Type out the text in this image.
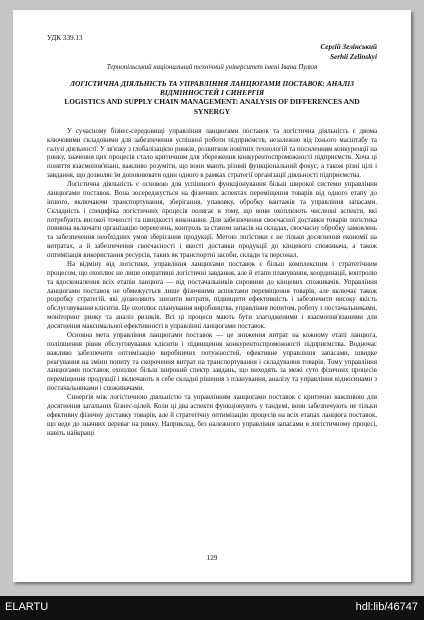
УДК 339.13
Сергій Зелінський
Serhii Zelinskyi
Тернопільський національний технічний університет імені Івана Пулюя
ЛОГІСТИЧНА ДІЯЛЬНІСТЬ ТА УПРАВЛІННЯ ЛАНЦЮГАМИ ПОСТАВОК: АНАЛІЗ ВІДМІННОСТЕЙ І СИНЕРГІЯ
LOGISTICS AND SUPPLY CHAIN MANAGEMENT: ANALYSIS OF DIFFERENCES AND SYNERGY

У сучасному бізнес-середовищі управління ланцюгами поставок та логістична діяльність є двома ключовими складовими для забезпечення успішної роботи підприємств, незалежно від їхнього масштабу та галузі діяльності. У зв'язку з глобалізацією ринків, розвитком новітніх технологій та посиленням конкуренції на ринку, значення цих процесів стало критичним для збереження конкурентоспроможності підприємств. Хоча ці поняття взаємопов'язані, важливо розуміти, що вони мають різний функціональний фокус, а також різні цілі і завдання, що дозволяє їм доповнювати один одного в рамках стратегії організації діяльності підприємства.

Логістична діяльність є основою для успішного функціонування більш широкої системи управління ланцюгами поставок. Вона зосереджується на фізичних аспектах переміщення товарів від одного етапу до іншого, включаючи транспортування, зберігання, упаковку, обробку вантажів та управління запасами. Складність і специфіка логістичних процесів полягає в тому, що вони охоплюють численні аспекти, які потребують високої точності та швидкості виконання. Для забезпечення своєчасної доставки товарів логістика повинна включати організацію перевезень, контроль за станом запасів на складах, своєчасну обробку замовлень та забезпечення необхідних умов зберігання продукції. Метою логістики є не тільки досягнення економії на витратах, а й забезпечення своєчасності і якості доставки продукції до кінцевого споживача, а також оптимізація використання ресурсів, таких як транспортні засоби, склади та персонал.

На відміну від логістики, управління ланцюгами поставок є більш комплексним і стратегічним процесом, що охоплює не лише оперативні логістичні завдання, але й етапи планування, координації, контролю та вдосконалення всіх етапів ланцюга — від постачальників сировини до кінцевих споживачів. Управління ланцюгами поставок не обмежується лише фізичними аспектами переміщення товарів, але включає також розробку стратегій, які дозволяють знизити витрати, підвищити ефективність і забезпечити високу якість обслуговування клієнтів. Це охоплює планування виробництва, управління попитом, роботу з постачальниками, моніторинг ринку та аналіз ризиків. Всі ці процеси мають бути злагодженими і взаємопов'язаними для досягнення максимальної ефективності в управлінні ланцюгами поставок.

Основна мета управління ланцюгами поставок — це зниження витрат на кожному етапі ланцюга, поліпшення рівня обслуговування клієнтів і підвищення конкурентоспроможності підприємства. Водночас важливо забезпечити оптимізацію виробничих потужностей, ефективне управління запасами, швидке реагування на зміни попиту та скорочення витрат на транспортування і складування товарів. Тому управління ланцюгами поставок охоплює більш широкий спектр завдань, що виходять за межі суто фізичних процесів переміщення продукції і включають в себе складні рішення з планування, аналізу та управління відносинами з постачальниками і споживачами.

Синергія між логістичною діяльністю та управлінням ланцюгами поставок є критично важливою для досягнення загальних бізнес-цілей. Коли ці два аспекти функціонують у тандемі, вони забезпечують не тільки ефективну фізичну доставку товарів, але й стратегічну оптимізацію процесів на всіх етапах ланцюга поставок, що веде до значних переваг на ринку. Наприклад, без належного управління запасами в логістичному процесі, навіть найкращі

129
ELARTU	hdl:lib/46747
